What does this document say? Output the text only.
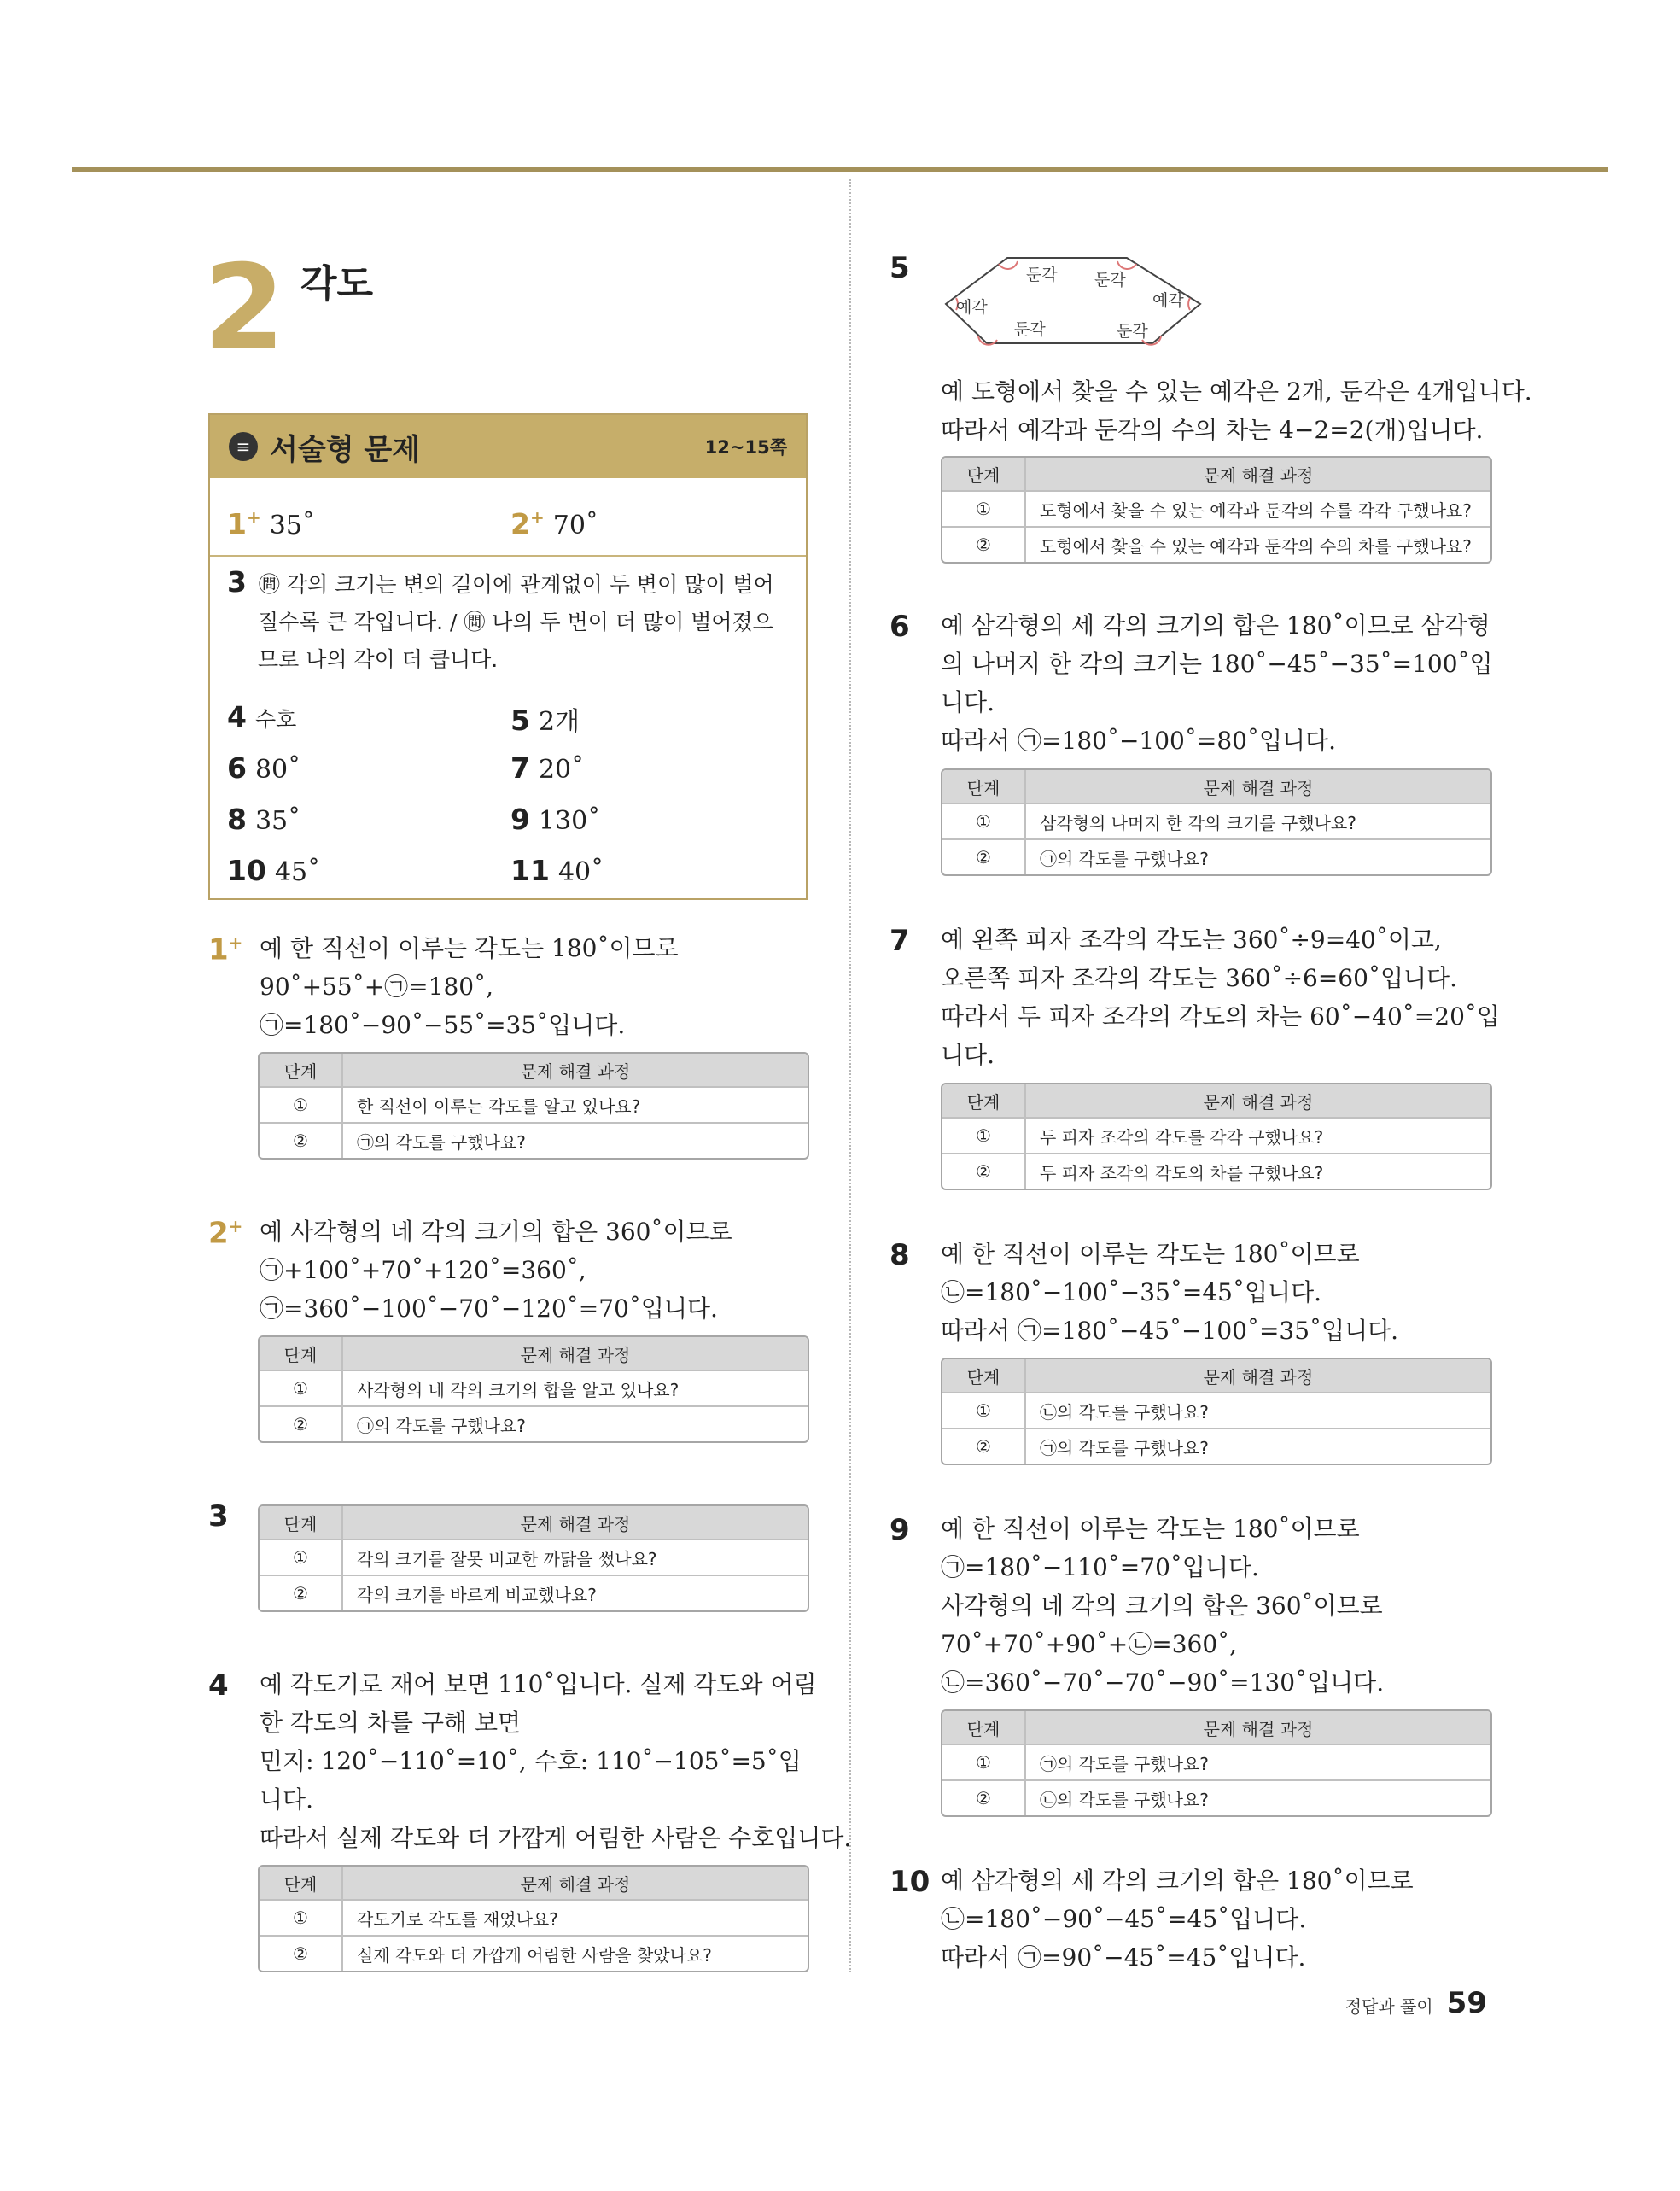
2 각도
≡ 서술형 문제	12~15쪽
1+ 35˚	2+ 70˚
3 ㉄ 각의 크기는 변의 길이에 관계없이 두 변이 많이 벌어
질수록 큰 각입니다. / ㉄ 나의 두 변이 더 많이 벌어졌으
므로 나의 각이 더 큽니다.
4 수호	5 2개
6 80˚	7 20˚
8 35˚	9 130˚
10 45˚	11 40˚
1+ 예 한 직선이 이루는 각도는 180˚이므로
90˚+55˚+㉠=180˚,
㉠=180˚−90˚−55˚=35˚입니다.
단계	문제 해결 과정
①	한 직선이 이루는 각도를 알고 있나요?
②	㉠의 각도를 구했나요?
2+ 예 사각형의 네 각의 크기의 합은 360˚이므로
㉠+100˚+70˚+120˚=360˚,
㉠=360˚−100˚−70˚−120˚=70˚입니다.
단계	문제 해결 과정
①	사각형의 네 각의 크기의 합을 알고 있나요?
②	㉠의 각도를 구했나요?
3	단계	문제 해결 과정
①	각의 크기를 잘못 비교한 까닭을 썼나요?
②	각의 크기를 바르게 비교했나요?
4 예 각도기로 재어 보면 110˚입니다. 실제 각도와 어림
한 각도의 차를 구해 보면
민지: 120˚−110˚=10˚, 수호: 110˚−105˚=5˚입
니다.
따라서 실제 각도와 더 가깝게 어림한 사람은 수호입니다.
단계	문제 해결 과정
①	각도기로 각도를 재었나요?
②	실제 각도와 더 가깝게 어림한 사람을 찾았나요?
5	둔각 둔각
예각	예각
둔각	둔각
예 도형에서 찾을 수 있는 예각은 2개, 둔각은 4개입니다.
따라서 예각과 둔각의 수의 차는 4−2=2(개)입니다.
단계	문제 해결 과정
①	도형에서 찾을 수 있는 예각과 둔각의 수를 각각 구했나요?
②	도형에서 찾을 수 있는 예각과 둔각의 수의 차를 구했나요?
6 예 삼각형의 세 각의 크기의 합은 180˚이므로 삼각형
의 나머지 한 각의 크기는 180˚−45˚−35˚=100˚입
니다.
따라서 ㉠=180˚−100˚=80˚입니다.
단계	문제 해결 과정
①	삼각형의 나머지 한 각의 크기를 구했나요?
②	㉠의 각도를 구했나요?
7 예 왼쪽 피자 조각의 각도는 360˚÷9=40˚이고,
오른쪽 피자 조각의 각도는 360˚÷6=60˚입니다.
따라서 두 피자 조각의 각도의 차는 60˚−40˚=20˚입
니다.
단계	문제 해결 과정
①	두 피자 조각의 각도를 각각 구했나요?
②	두 피자 조각의 각도의 차를 구했나요?
8 예 한 직선이 이루는 각도는 180˚이므로
㉡=180˚−100˚−35˚=45˚입니다.
따라서 ㉠=180˚−45˚−100˚=35˚입니다.
단계	문제 해결 과정
①	㉡의 각도를 구했나요?
②	㉠의 각도를 구했나요?
9 예 한 직선이 이루는 각도는 180˚이므로
㉠=180˚−110˚=70˚입니다.
사각형의 네 각의 크기의 합은 360˚이므로
70˚+70˚+90˚+㉡=360˚,
㉡=360˚−70˚−70˚−90˚=130˚입니다.
단계	문제 해결 과정
①	㉠의 각도를 구했나요?
②	㉡의 각도를 구했나요?
10 예 삼각형의 세 각의 크기의 합은 180˚이므로
㉡=180˚−90˚−45˚=45˚입니다.
따라서 ㉠=90˚−45˚=45˚입니다.
정답과 풀이 59
